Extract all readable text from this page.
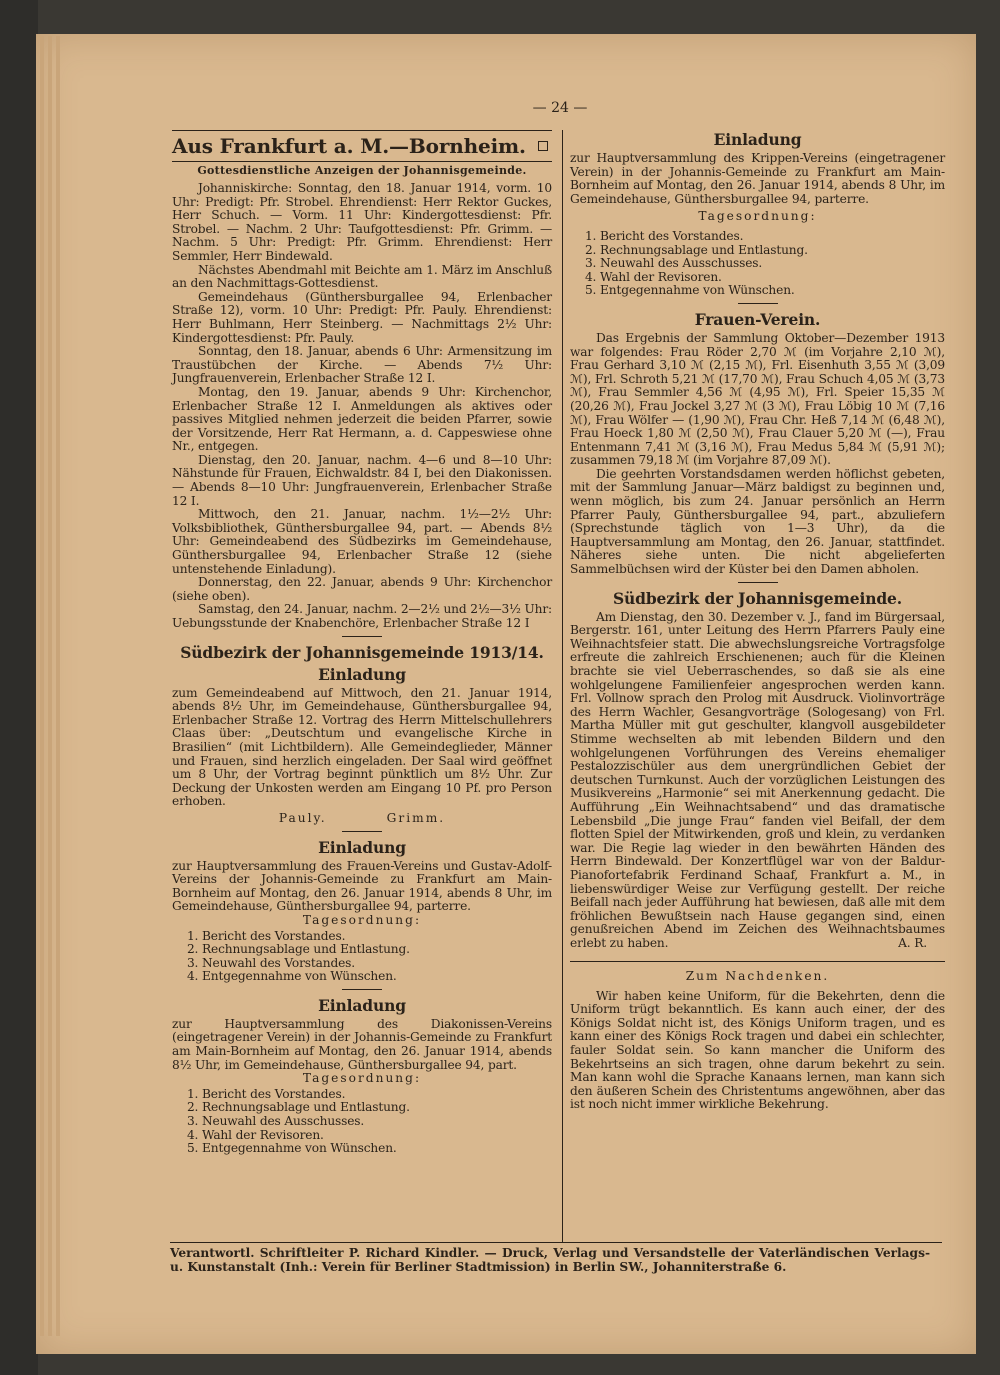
— 24 —
Aus Frankfurt a. M.—Bornheim.
Gottesdienstliche Anzeigen der Johannisgemeinde.

Johanniskirche: Sonntag, den 18. Januar 1914, vorm. 10 Uhr: Predigt: Pfr. Strobel. Ehrendienst: Herr Rektor Guckes, Herr Schuch. — Vorm. 11 Uhr: Kindergottesdienst: Pfr. Strobel. — Nachm. 2 Uhr: Taufgottesdienst: Pfr. Grimm. — Nachm. 5 Uhr: Predigt: Pfr. Grimm. Ehrendienst: Herr Semmler, Herr Bindewald.

Nächstes Abendmahl mit Beichte am 1. März im Anschluß an den Nachmittags-Gottesdienst.

Gemeindehaus (Günthersburgallee 94, Erlenbacher Straße 12), vorm. 10 Uhr: Predigt: Pfr. Pauly. Ehrendienst: Herr Buhlmann, Herr Steinberg. — Nachmittags 2½ Uhr: Kindergottesdienst: Pfr. Pauly.

Sonntag, den 18. Januar, abends 6 Uhr: Armensitzung im Traustübchen der Kirche. — Abends 7½ Uhr: Jungfrauenverein, Erlenbacher Straße 12 I.

Montag, den 19. Januar, abends 9 Uhr: Kirchenchor, Erlenbacher Straße 12 I. Anmeldungen als aktives oder passives Mitglied nehmen jederzeit die beiden Pfarrer, sowie der Vorsitzende, Herr Rat Hermann, a. d. Cappeswiese ohne Nr., entgegen.

Dienstag, den 20. Januar, nachm. 4—6 und 8—10 Uhr: Nähstunde für Frauen, Eichwaldstr. 84 I, bei den Diakonissen. — Abends 8—10 Uhr: Jungfrauenverein, Erlenbacher Straße 12 I.

Mittwoch, den 21. Januar, nachm. 1½—2½ Uhr: Volksbibliothek, Günthersburgallee 94, part. — Abends 8½ Uhr: Gemeindeabend des Südbezirks im Gemeindehause, Günthersburgallee 94, Erlenbacher Straße 12 (siehe untenstehende Einladung).

Donnerstag, den 22. Januar, abends 9 Uhr: Kirchenchor (siehe oben).

Samstag, den 24. Januar, nachm. 2—2½ und 2½—3½ Uhr: Uebungsstunde der Knabenchöre, Erlenbacher Straße 12 I

Südbezirk der Johannisgemeinde 1913/14.
Einladung

zum Gemeindeabend auf Mittwoch, den 21. Januar 1914, abends 8½ Uhr, im Gemeindehause, Günthersburgallee 94, Erlenbacher Straße 12. Vortrag des Herrn Mittelschullehrers Claas über: „Deutschtum und evangelische Kirche in Brasilien“ (mit Lichtbildern). Alle Gemeindeglieder, Männer und Frauen, sind herzlich eingeladen. Der Saal wird geöffnet um 8 Uhr, der Vortrag beginnt pünktlich um 8½ Uhr. Zur Deckung der Unkosten werden am Eingang 10 Pf. pro Person erhoben.

Pauly.	Grimm.
Einladung

zur Hauptversammlung des Frauen-Vereins und Gustav-Adolf-Vereins der Johannis-Gemeinde zu Frankfurt am Main-Bornheim auf Montag, den 26. Januar 1914, abends 8 Uhr, im Gemeindehause, Günthersburgallee 94, parterre.

Tagesordnung:
1. Bericht des Vorstandes.
2. Rechnungsablage und Entlastung.
3. Neuwahl des Vorstandes.
4. Entgegennahme von Wünschen.
Einladung

zur Hauptversammlung des Diakonissen-Vereins (eingetragener Verein) in der Johannis-Gemeinde zu Frankfurt am Main-Bornheim auf Montag, den 26. Januar 1914, abends 8½ Uhr, im Gemeindehause, Günthersburgallee 94, part.

Tagesordnung:
1. Bericht des Vorstandes.
2. Rechnungsablage und Entlastung.
3. Neuwahl des Ausschusses.
4. Wahl der Revisoren.
5. Entgegennahme von Wünschen.
Einladung

zur Hauptversammlung des Krippen-Vereins (eingetragener Verein) in der Johannis-Gemeinde zu Frankfurt am Main-Bornheim auf Montag, den 26. Januar 1914, abends 8 Uhr, im Gemeindehause, Günthersburgallee 94, parterre.

Tagesordnung:
1. Bericht des Vorstandes.
2. Rechnungsablage und Entlastung.
3. Neuwahl des Ausschusses.
4. Wahl der Revisoren.
5. Entgegennahme von Wünschen.
Frauen-Verein.

Das Ergebnis der Sammlung Oktober—Dezember 1913 war folgendes: Frau Röder 2,70 ℳ (im Vorjahre 2,10 ℳ), Frau Gerhard 3,10 ℳ (2,15 ℳ), Frl. Eisenhuth 3,55 ℳ (3,09 ℳ), Frl. Schroth 5,21 ℳ (17,70 ℳ), Frau Schuch 4,05 ℳ (3,73 ℳ), Frau Semmler 4,56 ℳ (4,95 ℳ), Frl. Speier 15,35 ℳ (20,26 ℳ), Frau Jockel 3,27 ℳ (3 ℳ), Frau Löbig 10 ℳ (7,16 ℳ), Frau Wölfer — (1,90 ℳ), Frau Chr. Heß 7,14 ℳ (6,48 ℳ), Frau Hoeck 1,80 ℳ (2,50 ℳ), Frau Clauer 5,20 ℳ (—), Frau Entenmann 7,41 ℳ (3,16 ℳ), Frau Medus 5,84 ℳ (5,91 ℳ); zusammen 79,18 ℳ (im Vorjahre 87,09 ℳ).

Die geehrten Vorstandsdamen werden höflichst gebeten, mit der Sammlung Januar—März baldigst zu beginnen und, wenn möglich, bis zum 24. Januar persönlich an Herrn Pfarrer Pauly, Günthersburgallee 94, part., abzuliefern (Sprechstunde täglich von 1—3 Uhr), da die Hauptversammlung am Montag, den 26. Januar, stattfindet. Näheres siehe unten. Die nicht abgelieferten Sammelbüchsen wird der Küster bei den Damen abholen.

Südbezirk der Johannisgemeinde.

Am Dienstag, den 30. Dezember v. J., fand im Bürgersaal, Bergerstr. 161, unter Leitung des Herrn Pfarrers Pauly eine Weihnachtsfeier statt. Die abwechslungsreiche Vortragsfolge erfreute die zahlreich Erschienenen; auch für die Kleinen brachte sie viel Ueberraschendes, so daß sie als eine wohlgelungene Familienfeier angesprochen werden kann. Frl. Vollnow sprach den Prolog mit Ausdruck. Violinvorträge des Herrn Wachler, Gesangvorträge (Sologesang) von Frl. Martha Müller mit gut geschulter, klangvoll ausgebildeter Stimme wechselten ab mit lebenden Bildern und den wohlgelungenen Vorführungen des Vereins ehemaliger Pestalozzischüler aus dem unergründlichen Gebiet der deutschen Turnkunst. Auch der vorzüglichen Leistungen des Musikvereins „Harmonie“ sei mit Anerkennung gedacht. Die Aufführung „Ein Weihnachtsabend“ und das dramatische Lebensbild „Die junge Frau“ fanden viel Beifall, der dem flotten Spiel der Mitwirkenden, groß und klein, zu verdanken war. Die Regie lag wieder in den bewährten Händen des Herrn Bindewald. Der Konzertflügel war von der Baldur-Pianofortefabrik Ferdinand Schaaf, Frankfurt a. M., in liebenswürdiger Weise zur Verfügung gestellt. Der reiche Beifall nach jeder Aufführung hat bewiesen, daß alle mit dem fröhlichen Bewußtsein nach Hause gegangen sind, einen genußreichen Abend im Zeichen des Weihnachtsbaumes erlebt zu haben.	A. R.
Zum Nachdenken.

Wir haben keine Uniform, für die Bekehrten, denn die Uniform trügt bekanntlich. Es kann auch einer, der des Königs Soldat nicht ist, des Königs Uniform tragen, und es kann einer des Königs Rock tragen und dabei ein schlechter, fauler Soldat sein. So kann mancher die Uniform des Bekehrtseins an sich tragen, ohne darum bekehrt zu sein. Man kann wohl die Sprache Kanaans lernen, man kann sich den äußeren Schein des Christentums angewöhnen, aber das ist noch nicht immer wirkliche Bekehrung.

Verantwortl. Schriftleiter P. Richard Kindler. — Druck, Verlag und Versandstelle der Vaterländischen Verlags- u. Kunstanstalt (Inh.: Verein für Berliner Stadtmission) in Berlin SW., Johanniterstraße 6.
